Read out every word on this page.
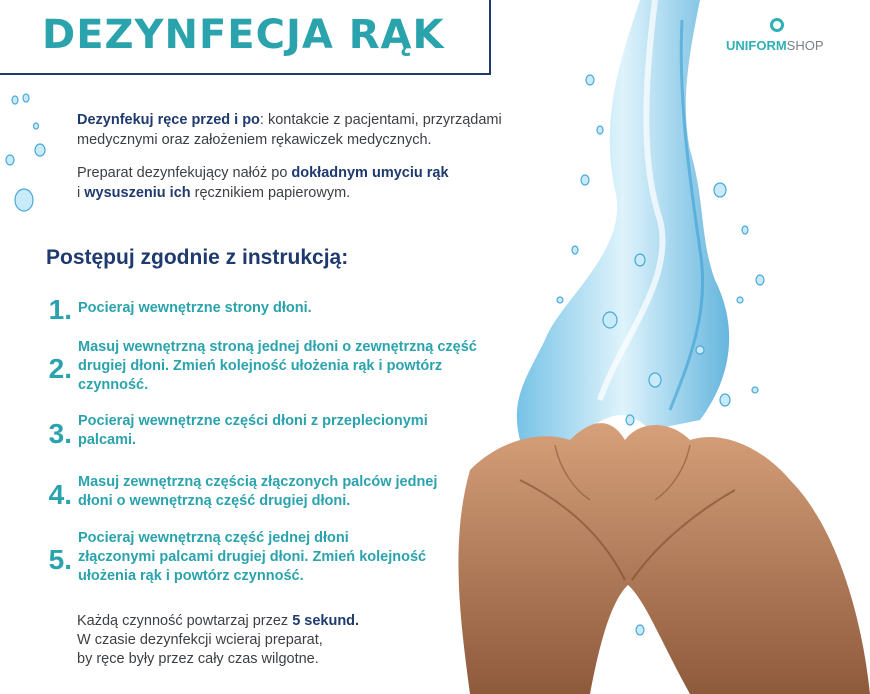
DEZYNFECJA RĄK	UNIFORMSHOP

Dezynfekuj ręce przed i po: kontakcie z pacjentami, przyrządami medycznymi oraz założeniem rękawiczek medycznych.

Preparat dezynfekujący nałóż po dokładnym umyciu rąk
i wysuszeniu ich ręcznikiem papierowym.

Postępuj zgodnie z instrukcją:
1. Pocieraj wewnętrzne strony dłoni.
2.
Masuj wewnętrzną stroną jednej dłoni o zewnętrzną część drugiej dłoni. Zmień kolejność ułożenia rąk i powtórz czynność.
3. Pocieraj wewnętrzne części dłoni z przeplecionymi palcami.
4. Masuj zewnętrzną częścią złączonych palców jednej dłoni o wewnętrzną część drugiej dłoni.
5.
Pocieraj wewnętrzną część jednej dłoni złączonymi palcami drugiej dłoni. Zmień kolejność ułożenia rąk i powtórz czynność.
Każdą czynność powtarzaj przez 5 sekund.
W czasie dezynfekcji wcieraj preparat,
by ręce były przez cały czas wilgotne.
